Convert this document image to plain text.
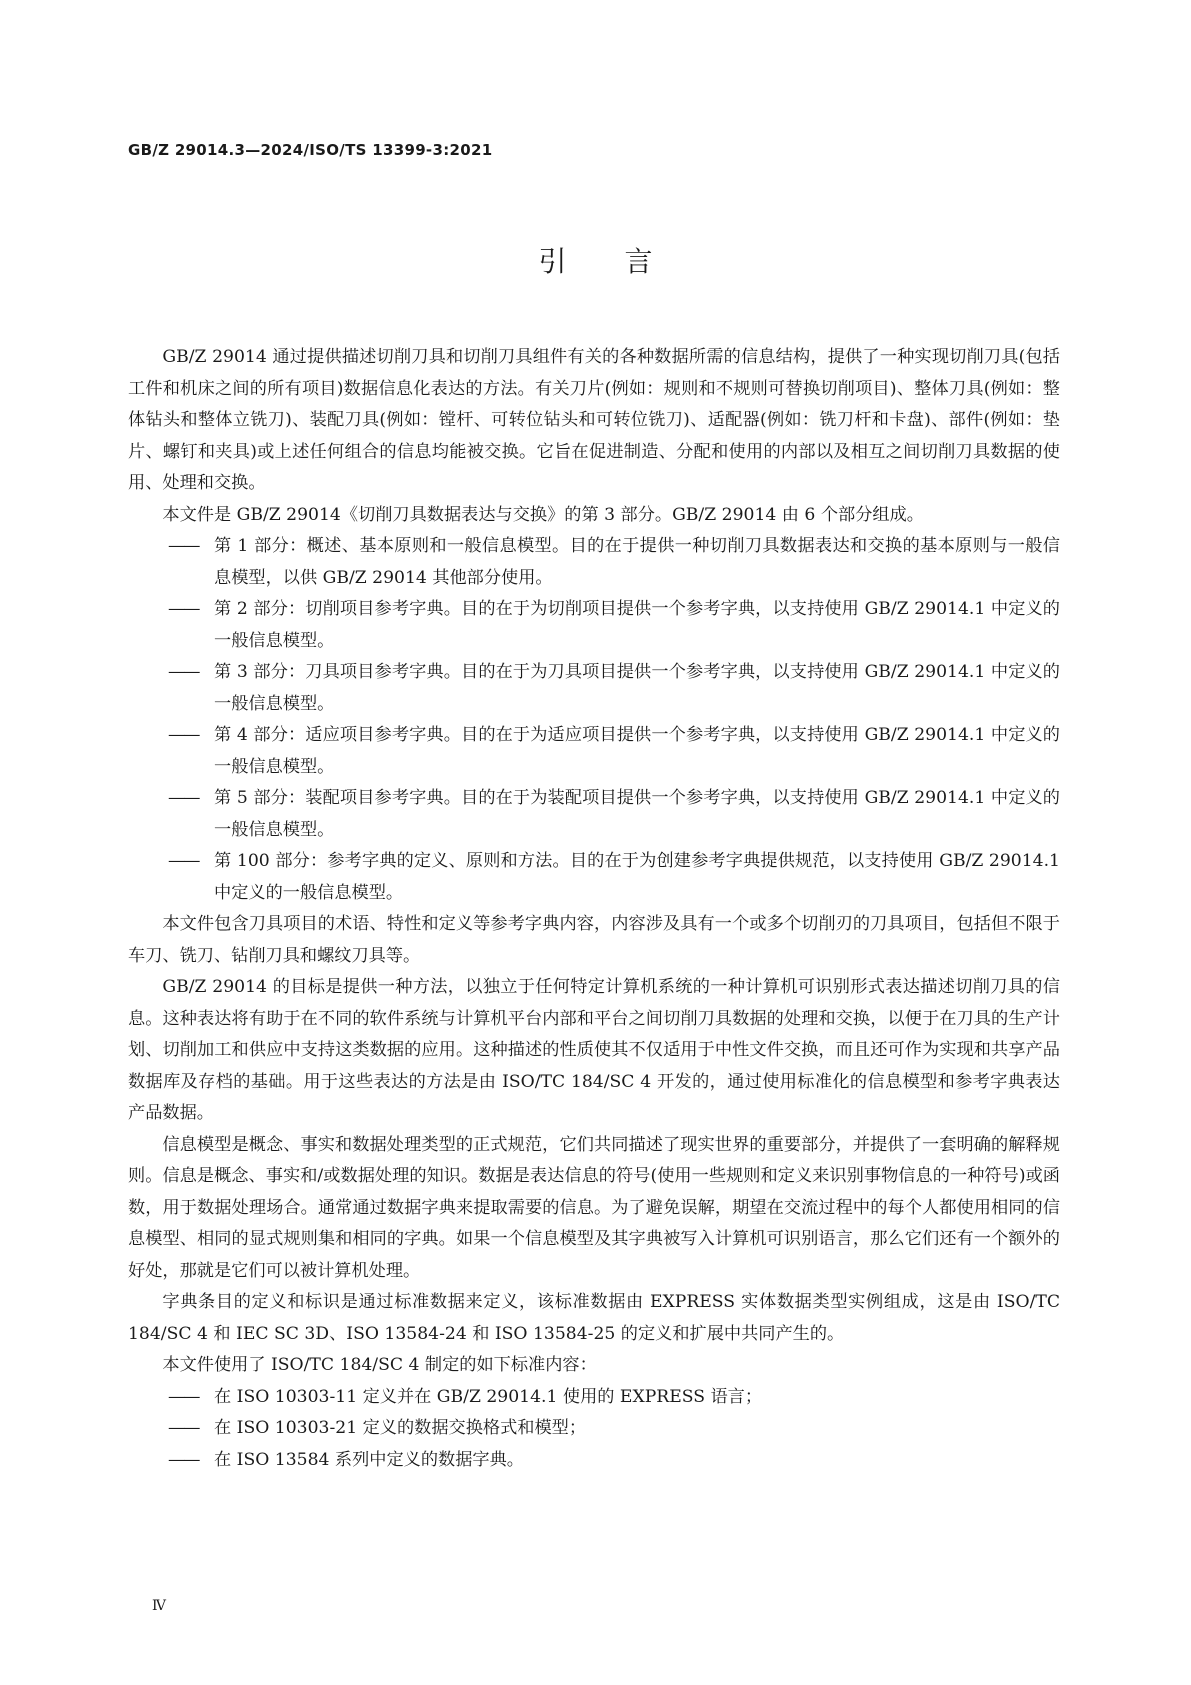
GB/Z 29014.3—2024/ISO/TS 13399-3:2021
引言

GB/Z 29014 通过提供描述切削刀具和切削刀具组件有关的各种数据所需的信息结构，提供了一种实现切削刀具(包括工件和机床之间的所有项目)数据信息化表达的方法。有关刀片(例如：规则和不规则可替换切削项目)、整体刀具(例如：整体钻头和整体立铣刀)、装配刀具(例如：镗杆、可转位钻头和可转位铣刀)、适配器(例如：铣刀杆和卡盘)、部件(例如：垫片、螺钉和夹具)或上述任何组合的信息均能被交换。它旨在促进制造、分配和使用的内部以及相互之间切削刀具数据的使用、处理和交换。

本文件是 GB/Z 29014《切削刀具数据表达与交换》的第 3 部分。GB/Z 29014 由 6 个部分组成。

—— 第 1 部分：概述、基本原则和一般信息模型。目的在于提供一种切削刀具数据表达和交换的基本原则与一般信息模型，以供 GB/Z 29014 其他部分使用。
—— 第 2 部分：切削项目参考字典。目的在于为切削项目提供一个参考字典，以支持使用 GB/Z 29014.1 中定义的一般信息模型。
—— 第 3 部分：刀具项目参考字典。目的在于为刀具项目提供一个参考字典，以支持使用 GB/Z 29014.1 中定义的一般信息模型。
—— 第 4 部分：适应项目参考字典。目的在于为适应项目提供一个参考字典，以支持使用 GB/Z 29014.1 中定义的一般信息模型。
—— 第 5 部分：装配项目参考字典。目的在于为装配项目提供一个参考字典，以支持使用 GB/Z 29014.1 中定义的一般信息模型。
—— 第 100 部分：参考字典的定义、原则和方法。目的在于为创建参考字典提供规范，以支持使用 GB/Z 29014.1 中定义的一般信息模型。

本文件包含刀具项目的术语、特性和定义等参考字典内容，内容涉及具有一个或多个切削刃的刀具项目，包括但不限于车刀、铣刀、钻削刀具和螺纹刀具等。

GB/Z 29014 的目标是提供一种方法，以独立于任何特定计算机系统的一种计算机可识别形式表达描述切削刀具的信息。这种表达将有助于在不同的软件系统与计算机平台内部和平台之间切削刀具数据的处理和交换，以便于在刀具的生产计划、切削加工和供应中支持这类数据的应用。这种描述的性质使其不仅适用于中性文件交换，而且还可作为实现和共享产品数据库及存档的基础。用于这些表达的方法是由 ISO/TC 184/SC 4 开发的，通过使用标准化的信息模型和参考字典表达产品数据。

信息模型是概念、事实和数据处理类型的正式规范，它们共同描述了现实世界的重要部分，并提供了一套明确的解释规则。信息是概念、事实和/或数据处理的知识。数据是表达信息的符号(使用一些规则和定义来识别事物信息的一种符号)或函数，用于数据处理场合。通常通过数据字典来提取需要的信息。为了避免误解，期望在交流过程中的每个人都使用相同的信息模型、相同的显式规则集和相同的字典。如果一个信息模型及其字典被写入计算机可识别语言，那么它们还有一个额外的好处，那就是它们可以被计算机处理。

字典条目的定义和标识是通过标准数据来定义，该标准数据由 EXPRESS 实体数据类型实例组成，这是由 ISO/TC 184/SC 4 和 IEC SC 3D、ISO 13584-24 和 ISO 13584-25 的定义和扩展中共同产生的。

本文件使用了 ISO/TC 184/SC 4 制定的如下标准内容：

—— 在 ISO 10303-11 定义并在 GB/Z 29014.1 使用的 EXPRESS 语言；
—— 在 ISO 10303-21 定义的数据交换格式和模型；
—— 在 ISO 13584 系列中定义的数据字典。
Ⅳ
